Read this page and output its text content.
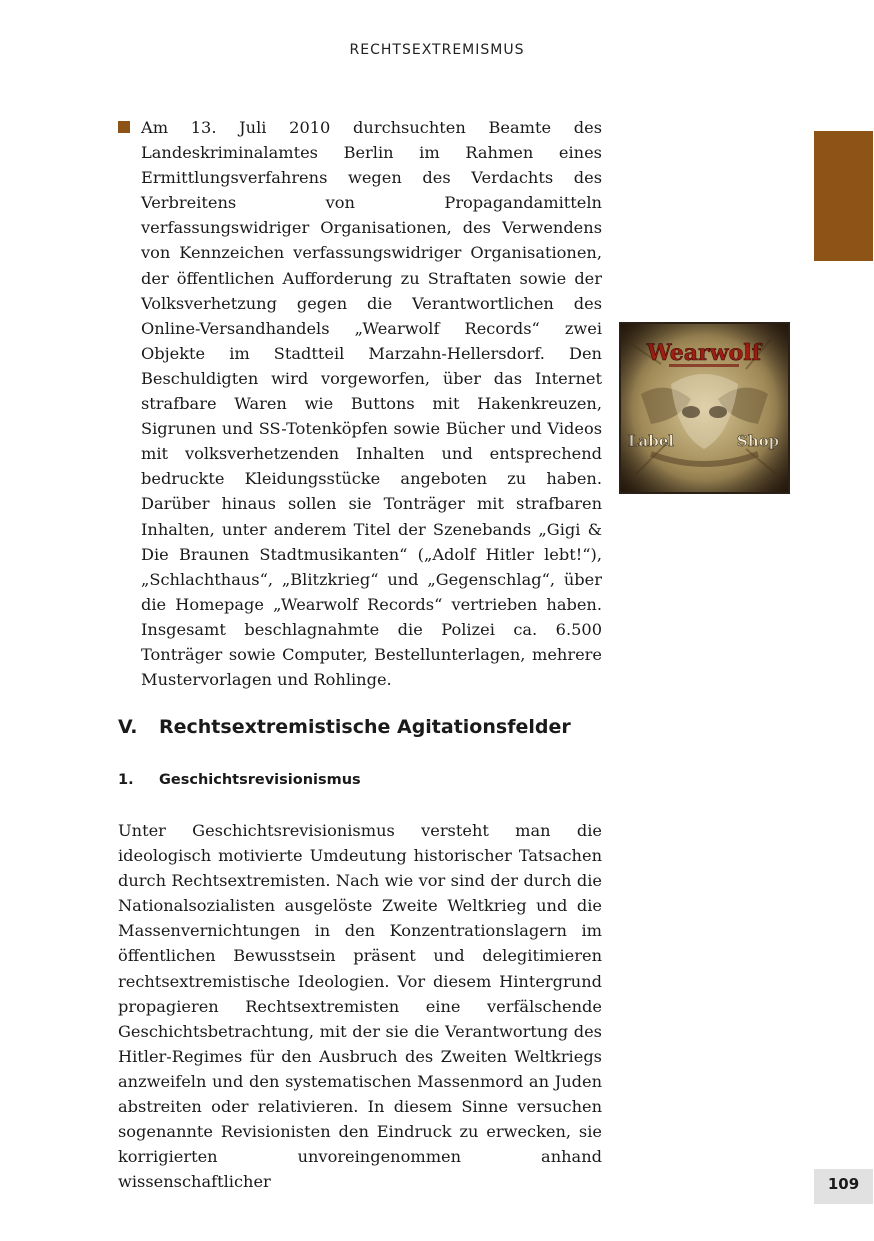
RECHTSEXTREMISMUS
Am 13. Juli 2010 durchsuchten Beamte des Landeskriminalamtes Berlin im Rahmen eines Ermittlungsverfahrens wegen des Verdachts des Verbreitens von Propagandamitteln verfassungswidriger Organisationen, des Verwendens von Kennzeichen verfassungswidriger Organisationen, der öffentlichen Aufforderung zu Straftaten sowie der Volksverhetzung gegen die Verantwortlichen des Online-Versandhandels „Wearwolf Records“ zwei Objekte im Stadtteil Marzahn-Hellersdorf. Den Beschuldigten wird vorgeworfen, über das Internet strafbare Waren wie Buttons mit Hakenkreuzen, Sigrunen und SS-Totenköpfen sowie Bücher und Videos mit volksverhetzenden Inhalten und entsprechend bedruckte Kleidungsstücke angeboten zu haben. Darüber hinaus sollen sie Tonträger mit strafbaren Inhalten, unter anderem Titel der Szenebands „Gigi & Die Braunen Stadtmusikanten“ („Adolf Hitler lebt!“), „Schlachthaus“, „Blitzkrieg“ und „Gegenschlag“, über die Homepage „Wearwolf Records“ vertrieben haben. Insgesamt beschlagnahmte die Polizei ca. 6.500 Tonträger sowie Computer, Bestellunterlagen, mehrere Mustervorlagen und Rohlinge.
V. Rechtsextremistische Agitationsfelder
1. Geschichtsrevisionismus
Unter Geschichtsrevisionismus versteht man die ideologisch motivierte Umdeutung historischer Tatsachen durch Rechtsextremisten. Nach wie vor sind der durch die Nationalsozialisten ausgelöste Zweite Weltkrieg und die Massenvernichtungen in den Konzentrationslagern im öffentlichen Bewusstsein präsent und delegitimieren rechtsextremistische Ideologien. Vor diesem Hintergrund propagieren Rechtsextremisten eine verfälschende Geschichtsbetrachtung, mit der sie die Verantwortung des Hitler-Regimes für den Ausbruch des Zweiten Weltkriegs anzweifeln und den systematischen Massenmord an Juden abstreiten oder relativieren. In diesem Sinne versuchen sogenannte Revisionisten den Eindruck zu erwecken, sie korrigierten unvoreingenommen anhand wissenschaftlicher	109
